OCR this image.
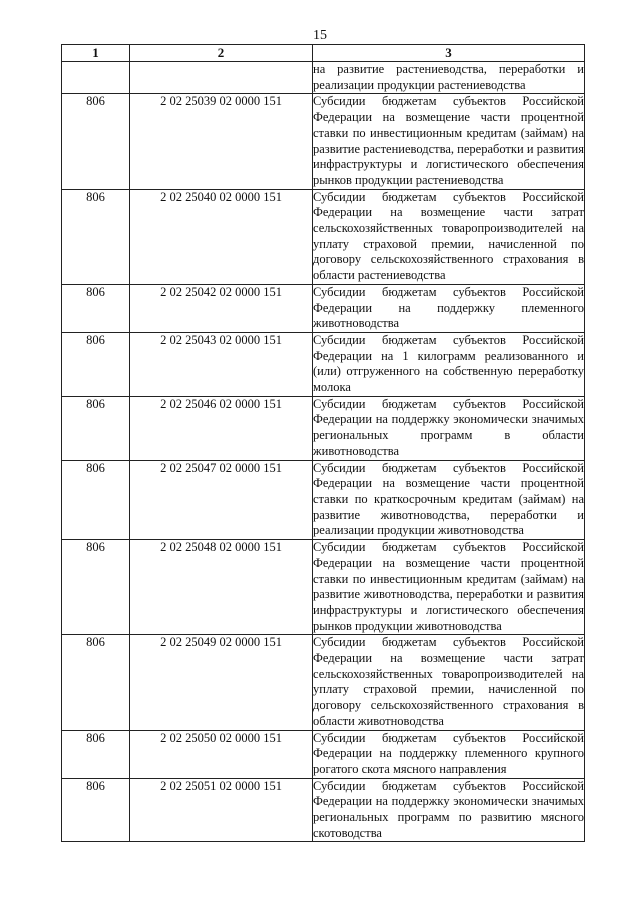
15
1	2	3
		на развитие растениеводства, переработки и реализации продукции растениеводства
806	2 02 25039 02 0000 151	Субсидии бюджетам субъектов Российской Федерации на возмещение части процентной ставки по инвестиционным кредитам (займам) на развитие растениеводства, переработки и развития инфраструктуры и логистического обеспечения рынков продукции растениеводства
806	2 02 25040 02 0000 151	Субсидии бюджетам субъектов Российской Федерации на возмещение части затрат сельскохозяйственных товаропроизводителей на уплату страховой премии, начисленной по договору сельскохозяйственного страхования в области растениеводства
806	2 02 25042 02 0000 151	Субсидии бюджетам субъектов Российской Федерации на поддержку племенного животноводства
806	2 02 25043 02 0000 151	Субсидии бюджетам субъектов Российской Федерации на 1 килограмм реализованного и (или) отгруженного на собственную переработку молока
806	2 02 25046 02 0000 151	Субсидии бюджетам субъектов Российской Федерации на поддержку экономически значимых региональных программ в области животноводства
806	2 02 25047 02 0000 151	Субсидии бюджетам субъектов Российской Федерации на возмещение части процентной ставки по краткосрочным кредитам (займам) на развитие животноводства, переработки и реализации продукции животноводства
806	2 02 25048 02 0000 151	Субсидии бюджетам субъектов Российской Федерации на возмещение части процентной ставки по инвестиционным кредитам (займам) на развитие животноводства, переработки и развития инфраструктуры и логистического обеспечения рынков продукции животноводства
806	2 02 25049 02 0000 151	Субсидии бюджетам субъектов Российской Федерации на возмещение части затрат сельскохозяйственных товаропроизводителей на уплату страховой премии, начисленной по договору сельскохозяйственного страхования в области животноводства
806	2 02 25050 02 0000 151	Субсидии бюджетам субъектов Российской Федерации на поддержку племенного крупного рогатого скота мясного направления
806	2 02 25051 02 0000 151	Субсидии бюджетам субъектов Российской Федерации на поддержку экономически значимых региональных программ по развитию мясного скотоводства
